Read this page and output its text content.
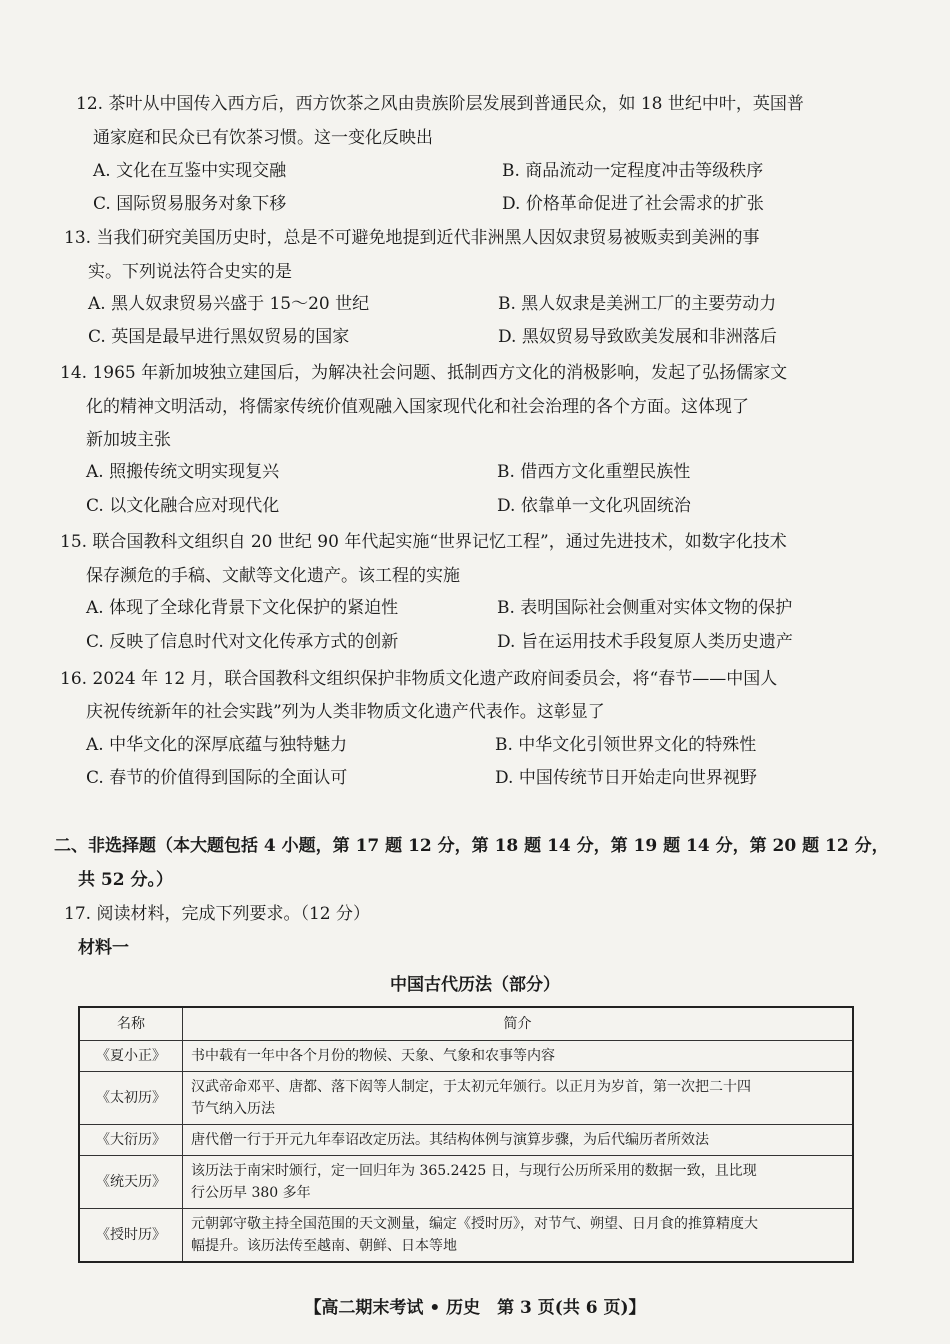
12. 茶叶从中国传入西方后，西方饮茶之风由贵族阶层发展到普通民众，如 18 世纪中叶，英国普
通家庭和民众已有饮茶习惯。这一变化反映出
A. 文化在互鉴中实现交融	B. 商品流动一定程度冲击等级秩序
C. 国际贸易服务对象下移	D. 价格革命促进了社会需求的扩张
13. 当我们研究美国历史时，总是不可避免地提到近代非洲黑人因奴隶贸易被贩卖到美洲的事
实。下列说法符合史实的是
A. 黑人奴隶贸易兴盛于 15～20 世纪	B. 黑人奴隶是美洲工厂的主要劳动力
C. 英国是最早进行黑奴贸易的国家	D. 黑奴贸易导致欧美发展和非洲落后
14. 1965 年新加坡独立建国后，为解决社会问题、抵制西方文化的消极影响，发起了弘扬儒家文
化的精神文明活动，将儒家传统价值观融入国家现代化和社会治理的各个方面。这体现了
新加坡主张
A. 照搬传统文明实现复兴	B. 借西方文化重塑民族性
C. 以文化融合应对现代化	D. 依靠单一文化巩固统治
15. 联合国教科文组织自 20 世纪 90 年代起实施“世界记忆工程”，通过先进技术，如数字化技术
保存濒危的手稿、文献等文化遗产。该工程的实施
A. 体现了全球化背景下文化保护的紧迫性	B. 表明国际社会侧重对实体文物的保护
C. 反映了信息时代对文化传承方式的创新	D. 旨在运用技术手段复原人类历史遗产
16. 2024 年 12 月，联合国教科文组织保护非物质文化遗产政府间委员会，将“春节——中国人
庆祝传统新年的社会实践”列为人类非物质文化遗产代表作。这彰显了
A. 中华文化的深厚底蕴与独特魅力	B. 中华文化引领世界文化的特殊性
C. 春节的价值得到国际的全面认可	D. 中国传统节日开始走向世界视野
二、非选择题（本大题包括 4 小题，第 17 题 12 分，第 18 题 14 分，第 19 题 14 分，第 20 题 12 分，
共 52 分。）
17. 阅读材料，完成下列要求。（12 分）
材料一
中国古代历法（部分）
名称	简介
《夏小正》	书中载有一年中各个月份的物候、天象、气象和农事等内容

《太初历》	汉武帝命邓平、唐都、落下闳等人制定，于太初元年颁行。以正月为岁首，第一次把二十四
节气纳入历法

《大衍历》	唐代僧一行于开元九年奉诏改定历法。其结构体例与演算步骤，为后代编历者所效法

《统天历》	该历法于南宋时颁行，定一回归年为 365.2425 日，与现行公历所采用的数据一致，且比现
行公历早 380 多年

《授时历》	元朝郭守敬主持全国范围的天文测量，编定《授时历》，对节气、朔望、日月食的推算精度大
幅提升。该历法传至越南、朝鲜、日本等地
【高二期末考试 • 历史　第 3 页(共 6 页)】
